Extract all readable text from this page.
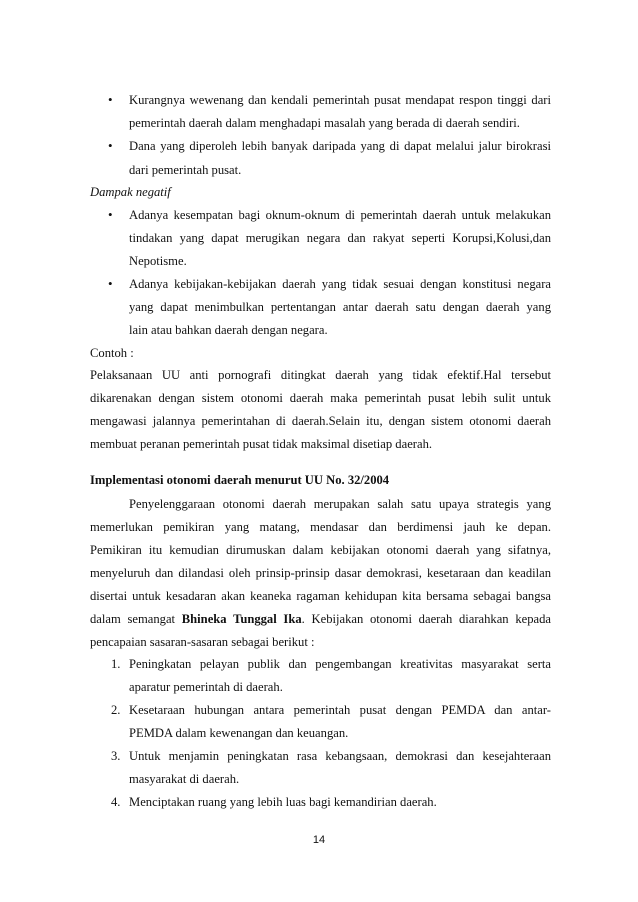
• Kurangnya wewenang dan kendali pemerintah pusat mendapat respon tinggi dari
pemerintah daerah dalam menghadapi masalah yang berada di daerah sendiri.
• Dana yang diperoleh lebih banyak daripada yang di dapat melalui jalur birokrasi
dari pemerintah pusat.
Dampak negatif
• Adanya kesempatan bagi oknum-oknum di pemerintah daerah untuk melakukan
tindakan yang dapat merugikan negara dan rakyat seperti Korupsi,Kolusi,dan
Nepotisme.
• Adanya kebijakan-kebijakan daerah yang tidak sesuai dengan konstitusi negara
yang dapat menimbulkan pertentangan antar daerah satu dengan daerah yang
lain atau bahkan daerah dengan negara.
Contoh :
Pelaksanaan UU anti pornografi ditingkat daerah yang tidak efektif.Hal tersebut
dikarenakan dengan sistem otonomi daerah maka pemerintah pusat lebih sulit untuk
mengawasi jalannya pemerintahan di daerah.Selain itu, dengan sistem otonomi daerah
membuat peranan pemerintah pusat tidak maksimal disetiap daerah.
Implementasi otonomi daerah menurut UU No. 32/2004
Penyelenggaraan otonomi daerah merupakan salah satu upaya strategis yang
memerlukan pemikiran yang matang, mendasar dan berdimensi jauh ke depan.
Pemikiran itu kemudian dirumuskan dalam kebijakan otonomi daerah yang sifatnya,
menyeluruh dan dilandasi oleh prinsip-prinsip dasar demokrasi, kesetaraan dan keadilan
disertai untuk kesadaran akan keaneka ragaman kehidupan kita bersama sebagai bangsa
dalam semangat Bhineka Tunggal Ika. Kebijakan otonomi daerah diarahkan kepada
pencapaian sasaran-sasaran sebagai berikut :
1. Peningkatan pelayan publik dan pengembangan kreativitas masyarakat serta
aparatur pemerintah di daerah.
2. Kesetaraan hubungan antara pemerintah pusat dengan PEMDA dan antar-
PEMDA dalam kewenangan dan keuangan.
3. Untuk menjamin peningkatan rasa kebangsaan, demokrasi dan kesejahteraan
masyarakat di daerah.
4. Menciptakan ruang yang lebih luas bagi kemandirian daerah.
14
